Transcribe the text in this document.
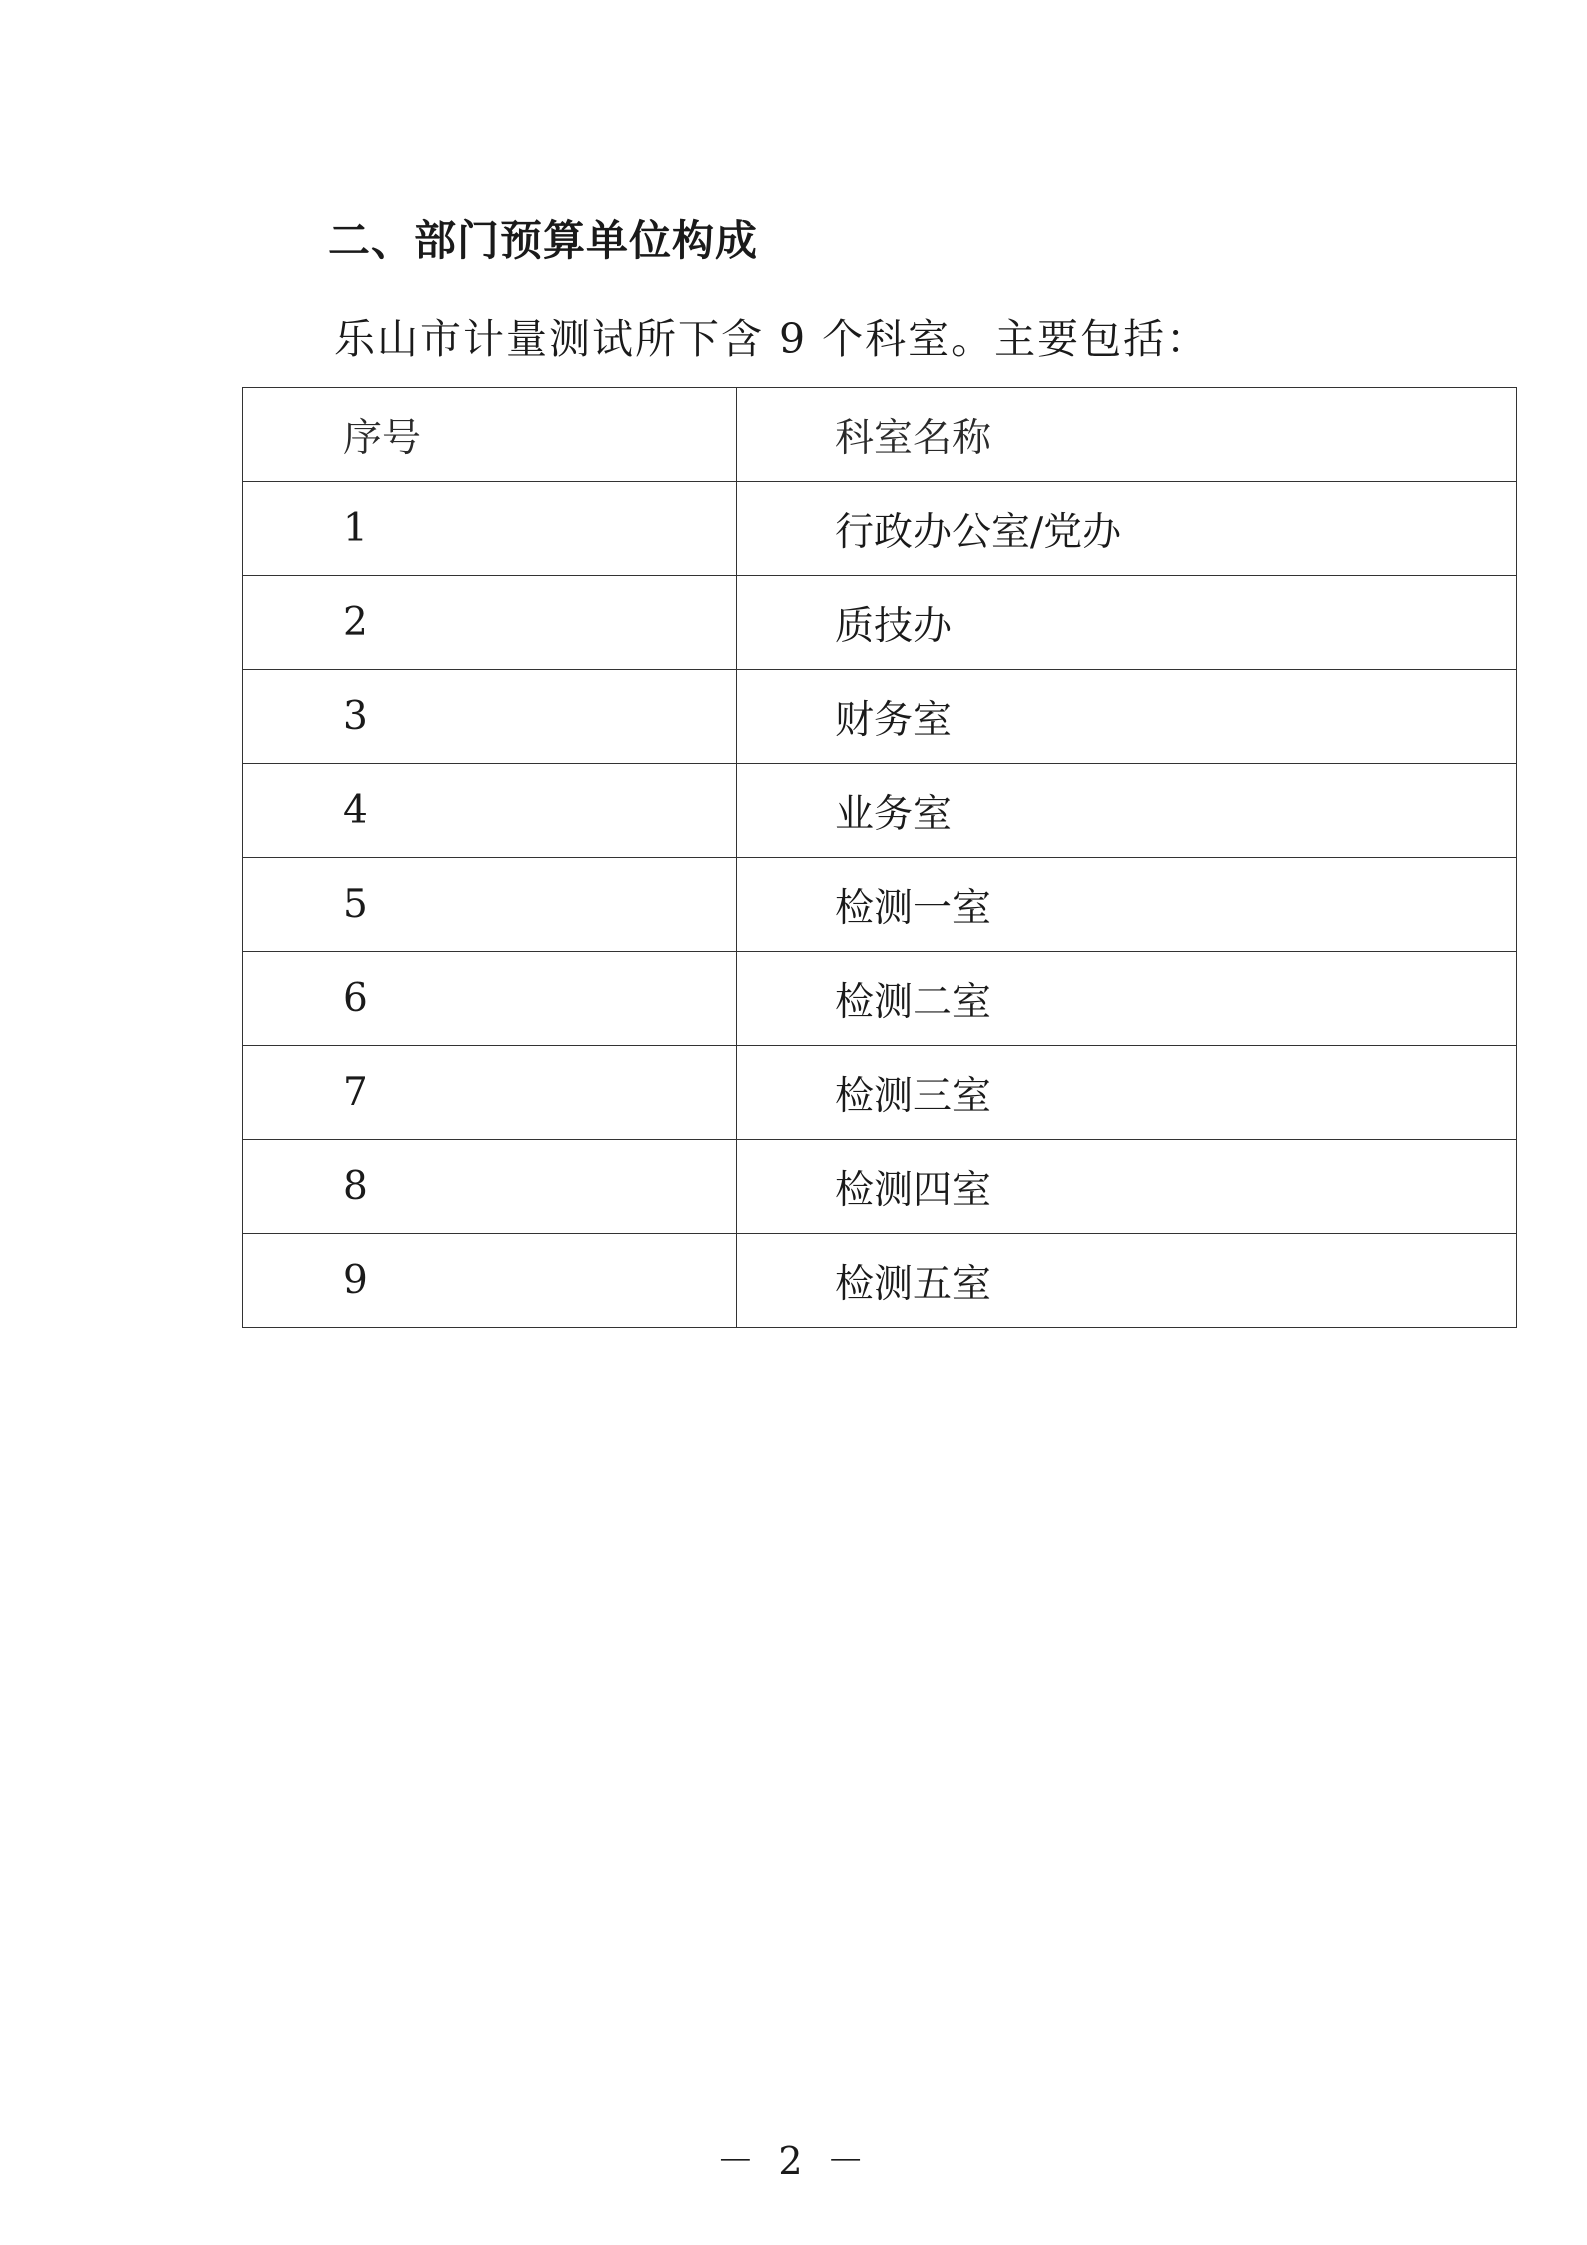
二、部门预算单位构成

乐山市计量测试所下含 9 个科室。主要包括：

序号	科室名称
1	行政办公室/党办
2	质技办
3	财务室
4	业务室
5	检测一室
6	检测二室
7	检测三室
8	检测四室
9	检测五室

－ 2 －
